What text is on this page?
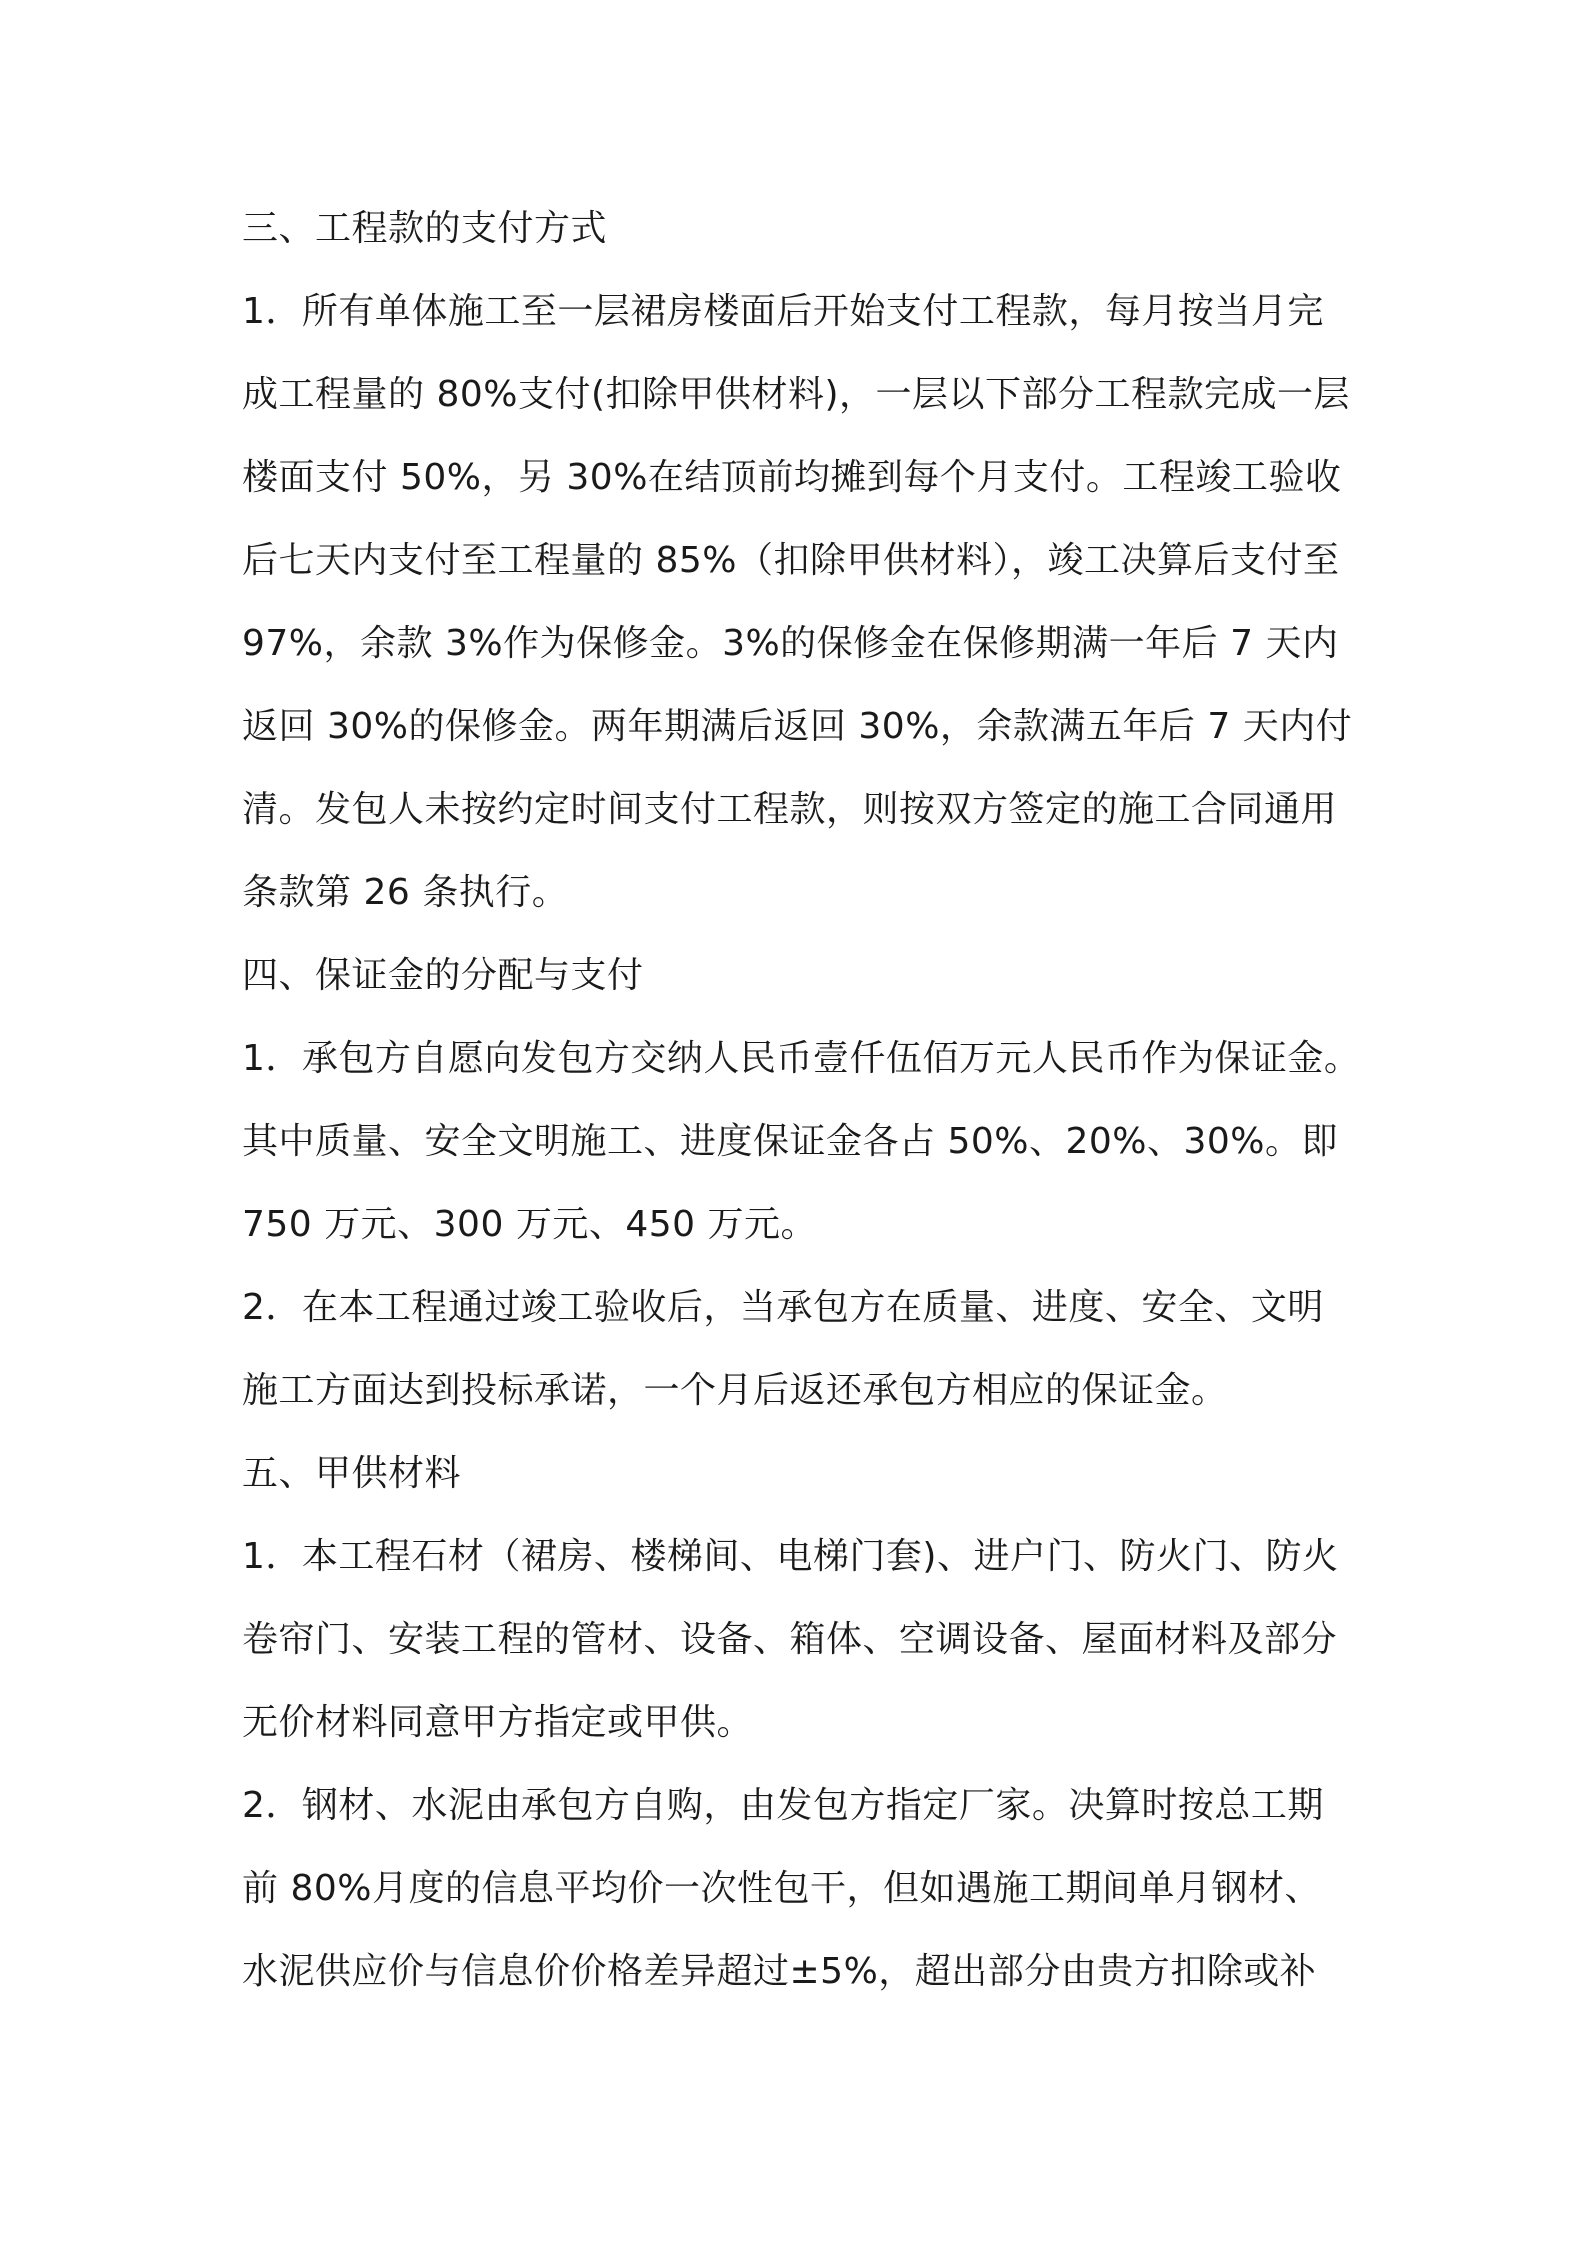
三、工程款的支付方式
1．所有单体施工至一层裙房楼面后开始支付工程款，每月按当月完
成工程量的 80%支付(扣除甲供材料)，一层以下部分工程款完成一层
楼面支付 50%，另 30%在结顶前均摊到每个月支付。工程竣工验收
后七天内支付至工程量的 85%（扣除甲供材料），竣工决算后支付至
97%，余款 3%作为保修金。3%的保修金在保修期满一年后 7 天内
返回 30%的保修金。两年期满后返回 30%，余款满五年后 7 天内付
清。发包人未按约定时间支付工程款，则按双方签定的施工合同通用
条款第 26 条执行。
四、保证金的分配与支付
1．承包方自愿向发包方交纳人民币壹仟伍佰万元人民币作为保证金。
其中质量、安全文明施工、进度保证金各占 50%、20%、30%。即
750 万元、300 万元、450 万元。
2．在本工程通过竣工验收后，当承包方在质量、进度、安全、文明
施工方面达到投标承诺，一个月后返还承包方相应的保证金。
五、甲供材料
1．本工程石材（裙房、楼梯间、电梯门套)、进户门、防火门、防火
卷帘门、安装工程的管材、设备、箱体、空调设备、屋面材料及部分
无价材料同意甲方指定或甲供。
2．钢材、水泥由承包方自购，由发包方指定厂家。决算时按总工期
前 80%月度的信息平均价一次性包干，但如遇施工期间单月钢材、
水泥供应价与信息价价格差异超过±5%，超出部分由贵方扣除或补
